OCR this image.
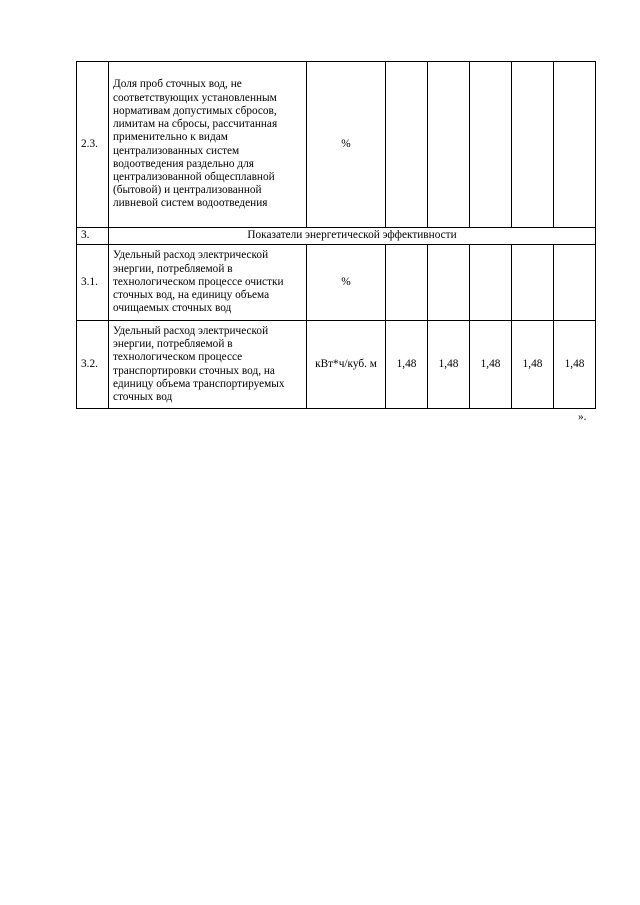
2.3.	Доля проб сточных вод, не соответствующих установленным нормативам допустимых сбросов, лимитам на сбросы, рассчитанная применительно к видам централизованных систем водоотведения раздельно для централизованной общесплавной (бытовой) и централизованной ливневой систем водоотведения	%					
3.	Показатели энергетической эффективности						
3.1.	Удельный расход электрической энергии, потребляемой в технологическом процессе очистки сточных вод, на единицу объема очищаемых сточных вод	%					
3.2.	Удельный расход электрической энергии, потребляемой в технологическом процессе транспортировки сточных вод, на единицу объема транспортируемых сточных вод	кВт*ч/куб. м	1,48	1,48	1,48	1,48	1,48
».
